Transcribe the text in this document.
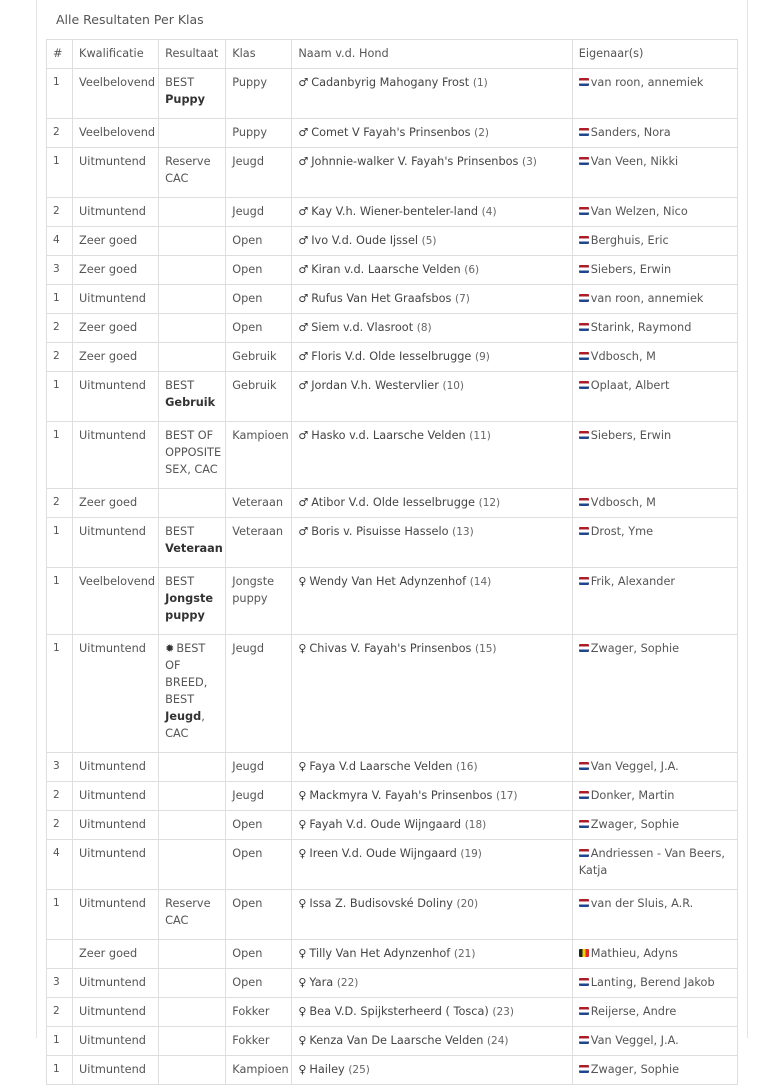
Alle Resultaten Per Klas
#	Kwalificatie	Resultaat	Klas	Naam v.d. Hond	Eigenaar(s)
1	Veelbelovend	BEST Puppy	Puppy	♂ Cadanbyrig Mahogany Frost (1)	van roon, annemiek
2	Veelbelovend		Puppy	♂ Comet V Fayah's Prinsenbos (2)	Sanders, Nora
1	Uitmuntend	Reserve CAC	Jeugd	♂ Johnnie-walker V. Fayah's Prinsenbos (3)	Van Veen, Nikki
2	Uitmuntend		Jeugd	♂ Kay V.h. Wiener-benteler-land (4)	Van Welzen, Nico
4	Zeer goed		Open	♂ Ivo V.d. Oude Ijssel (5)	Berghuis, Eric
3	Zeer goed		Open	♂ Kiran v.d. Laarsche Velden (6)	Siebers, Erwin
1	Uitmuntend		Open	♂ Rufus Van Het Graafsbos (7)	van roon, annemiek
2	Zeer goed		Open	♂ Siem v.d. Vlasroot (8)	Starink, Raymond
2	Zeer goed		Gebruik	♂ Floris V.d. Olde Iesselbrugge (9)	Vdbosch, M
1	Uitmuntend	BEST Gebruik	Gebruik	♂ Jordan V.h. Westervlier (10)	Oplaat, Albert
1	Uitmuntend	BEST OF OPPOSITE SEX, CAC	Kampioen	♂ Hasko v.d. Laarsche Velden (11)	Siebers, Erwin
2	Zeer goed		Veteraan	♂ Atibor V.d. Olde Iesselbrugge (12)	Vdbosch, M
1	Uitmuntend	BEST Veteraan	Veteraan	♂ Boris v. Pisuisse Hasselo (13)	Drost, Yme
1	Veelbelovend	BEST Jongste puppy	Jongste puppy	♀ Wendy Van Het Adynzenhof (14)	Frik, Alexander
1	Uitmuntend	✹ BEST OF BREED, BEST Jeugd, CAC	Jeugd	♀ Chivas V. Fayah's Prinsenbos (15)	Zwager, Sophie
3	Uitmuntend		Jeugd	♀ Faya V.d Laarsche Velden (16)	Van Veggel, J.A.
2	Uitmuntend		Jeugd	♀ Mackmyra V. Fayah's Prinsenbos (17)	Donker, Martin
2	Uitmuntend		Open	♀ Fayah V.d. Oude Wijngaard (18)	Zwager, Sophie
4	Uitmuntend		Open	♀ Ireen V.d. Oude Wijngaard (19)	Andriessen - Van Beers, Katja
1	Uitmuntend	Reserve CAC	Open	♀ Issa Z. Budisovské Doliny (20)	van der Sluis, A.R.
	Zeer goed		Open	♀ Tilly Van Het Adynzenhof (21)	Mathieu, Adyns
3	Uitmuntend		Open	♀ Yara (22)	Lanting, Berend Jakob
2	Uitmuntend		Fokker	♀ Bea V.D. Spijksterheerd ( Tosca) (23)	Reijerse, Andre
1	Uitmuntend		Fokker	♀ Kenza Van De Laarsche Velden (24)	Van Veggel, J.A.
1	Uitmuntend		Kampioen	♀ Hailey (25)	Zwager, Sophie
